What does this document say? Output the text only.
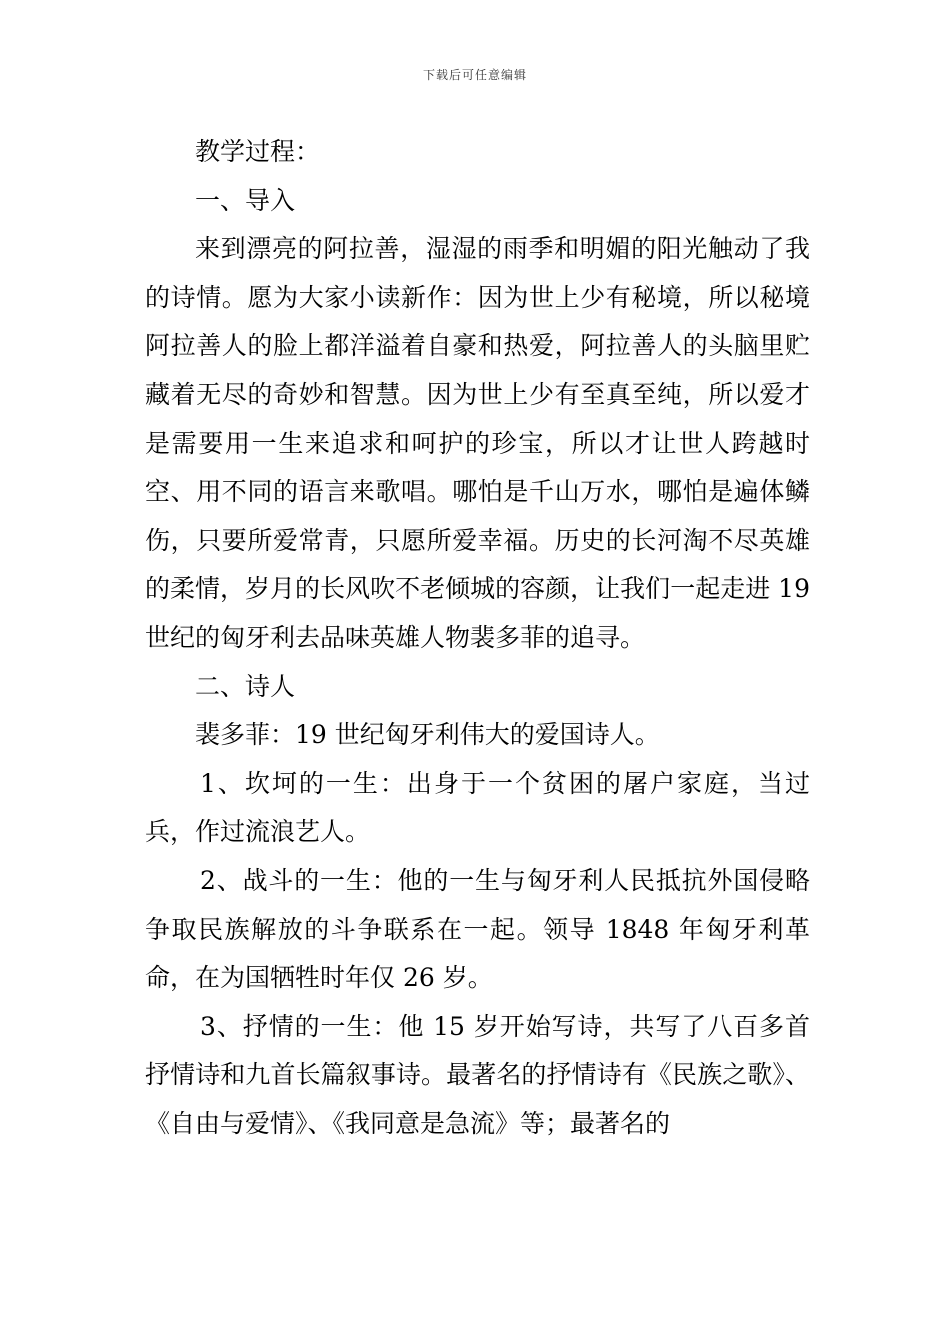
下载后可任意编辑

教学过程：

一、导入

来到漂亮的阿拉善，湿湿的雨季和明媚的阳光触动了我的诗情。愿为大家小读新作：因为世上少有秘境，所以秘境阿拉善人的脸上都洋溢着自豪和热爱，阿拉善人的头脑里贮藏着无尽的奇妙和智慧。因为世上少有至真至纯，所以爱才是需要用一生来追求和呵护的珍宝，所以才让世人跨越时空、用不同的语言来歌唱。哪怕是千山万水，哪怕是遍体鳞伤，只要所爱常青，只愿所爱幸福。历史的长河淘不尽英雄的柔情，岁月的长风吹不老倾城的容颜，让我们一起走进 19 世纪的匈牙利去品味英雄人物裴多菲的追寻。

二、诗人

裴多菲：19 世纪匈牙利伟大的爱国诗人。

1、坎坷的一生：出身于一个贫困的屠户家庭，当过兵，作过流浪艺人。

2、战斗的一生：他的一生与匈牙利人民抵抗外国侵略争取民族解放的斗争联系在一起。领导 1848 年匈牙利革命，在为国牺牲时年仅 26 岁。

3、抒情的一生：他 15 岁开始写诗，共写了八百多首抒情诗和九首长篇叙事诗。最著名的抒情诗有《民族之歌》、《自由与爱情》、《我同意是急流》等；最著名的
